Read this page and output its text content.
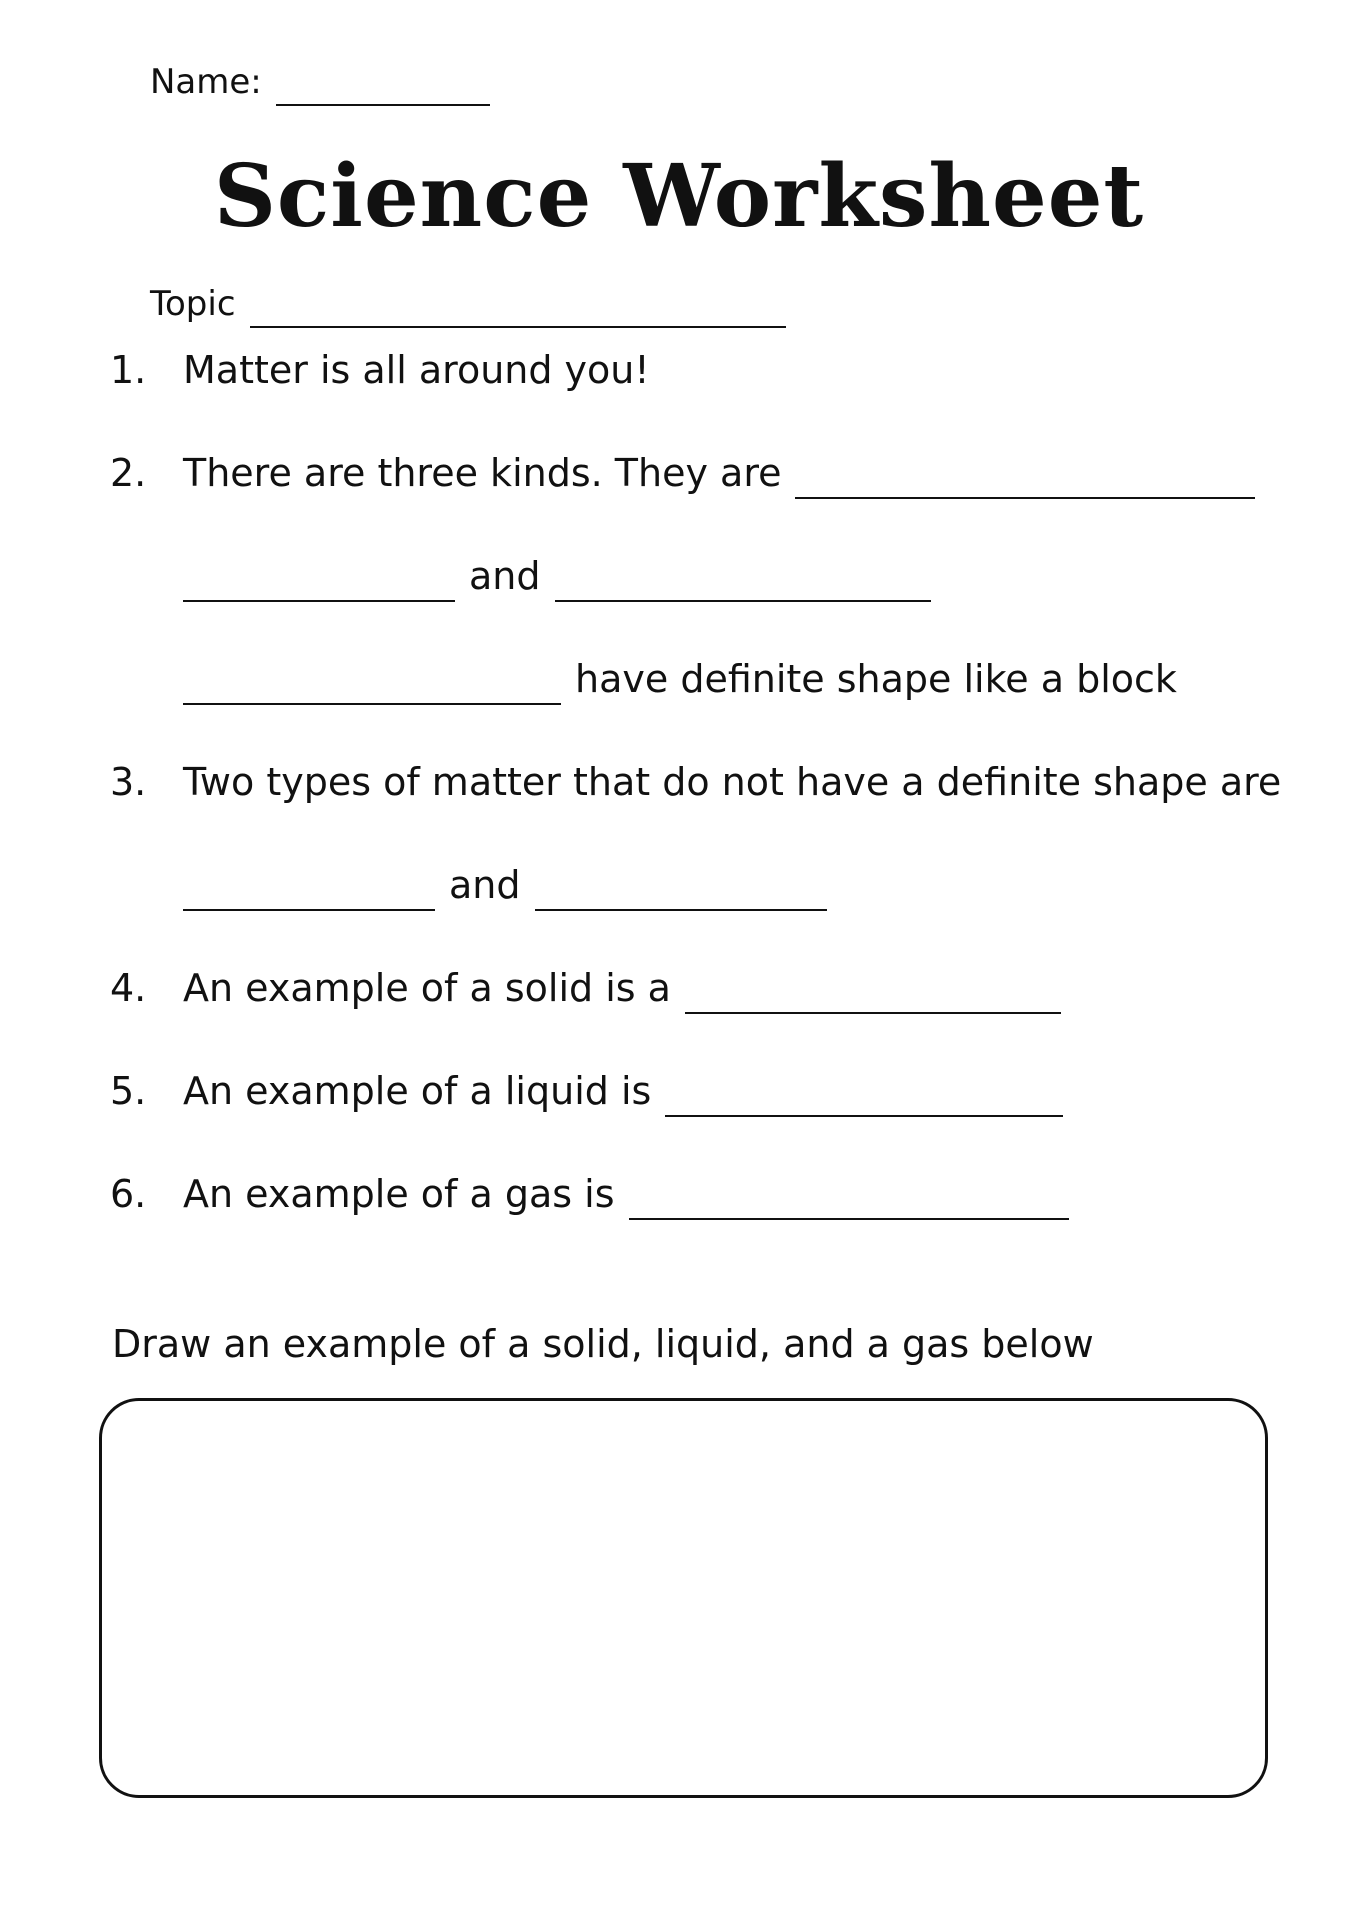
Name:
Science Worksheet
Topic
1. Matter is all around you!
2. There are three kinds. They are
and
have definite shape like a block
3. Two types of matter that do not have a definite shape are
and
4. An example of a solid is a
5. An example of a liquid is
6. An example of a gas is
Draw an example of a solid, liquid, and a gas below
